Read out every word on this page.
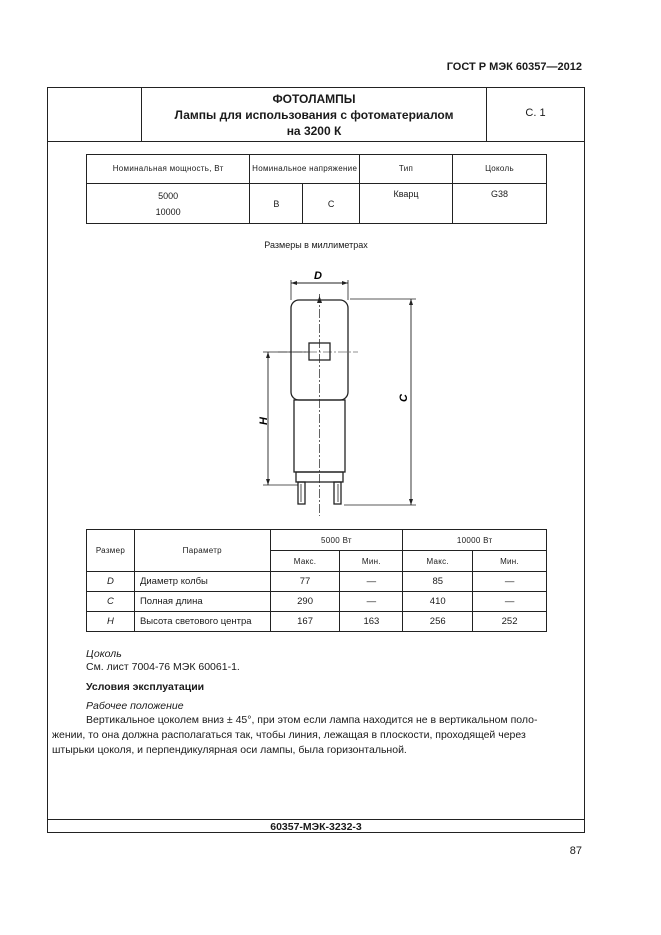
ГОСТ Р МЭК 60357—2012
ФОТОЛАМПЫ
Лампы для использования с фотоматериалом
на 3200 К
С. 1
Номинальная мощность, Вт	Номинальное напряжение		Тип	Цоколь
5000	В	С	Кварц	G38
10000				
Размеры в миллиметрах
D
C
H
Размер	Параметр	5000 Вт		10000 Вт	
		Макс.	Мин.	Макс.	Мин.
D	Диаметр колбы	77	—	85	—
C	Полная длина	290	—	410	—
H	Высота светового центра	167	163	256	252
Цоколь
См. лист 7004-76 МЭК 60061-1.
Условия эксплуатации
Рабочее положение
Вертикальное цоколем вниз ± 45°, при этом если лампа находится не в вертикальном поло-
жении, то она должна располагаться так, чтобы линия, лежащая в плоскости, проходящей через
штырьки цоколя, и перпендикулярная оси лампы, была горизонтальной.
60357-МЭК-3232-3
87
